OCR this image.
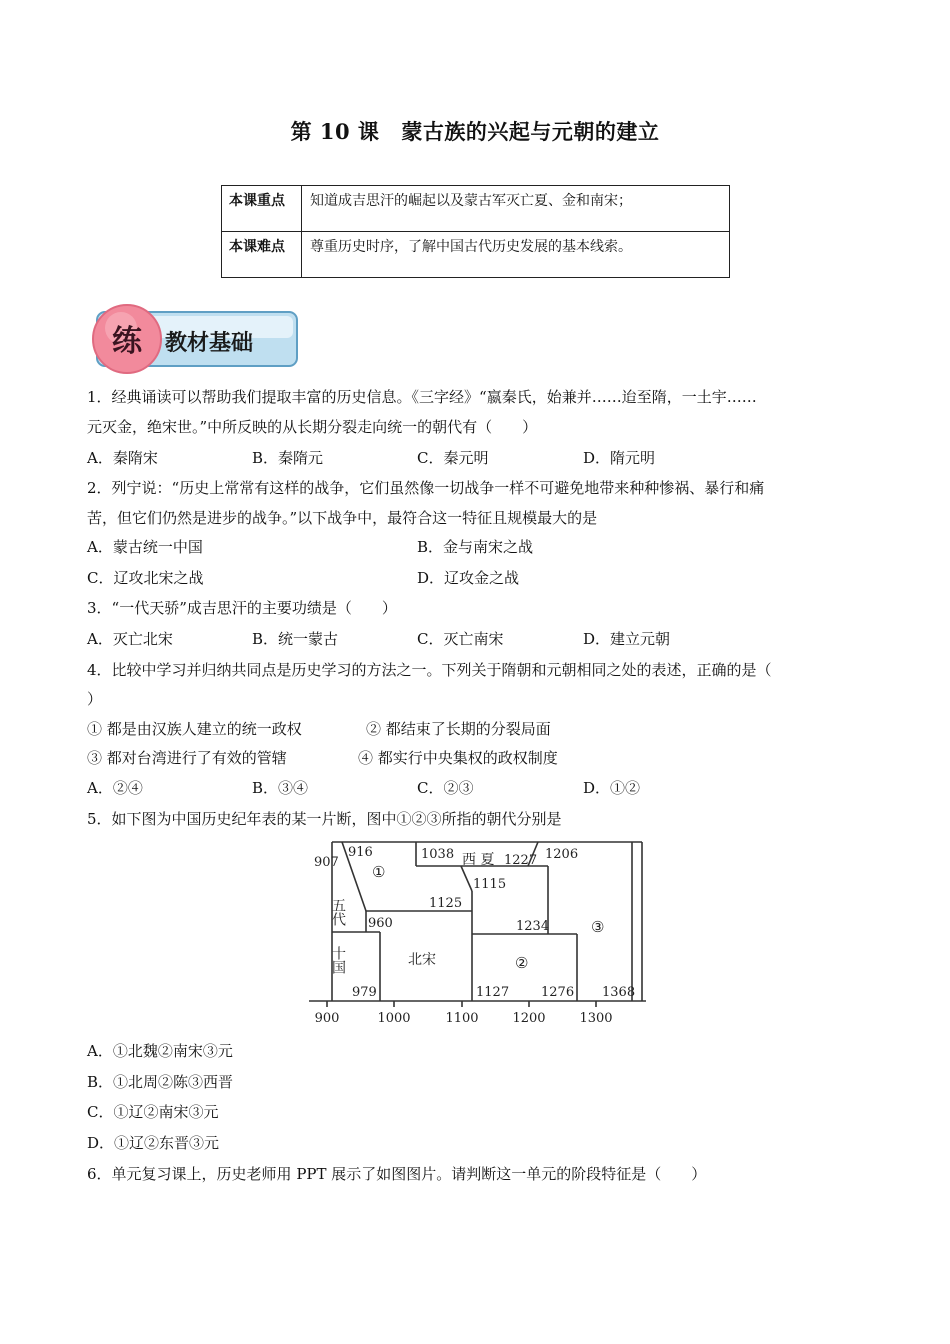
第 10 课 蒙古族的兴起与元朝的建立
本课重点	知道成吉思汗的崛起以及蒙古军灭亡夏、金和南宋；
本课难点	尊重历史时序，了解中国古代历史发展的基本线索。
练 教材基础
1．经典诵读可以帮助我们提取丰富的历史信息。《三字经》“嬴秦氏，始兼并……迨至隋，一土宇……
元灭金，绝宋世。”中所反映的从长期分裂走向统一的朝代有（　　）
A．秦隋宋	B．秦隋元	C．秦元明	D．隋元明
2．列宁说：“历史上常常有这样的战争，它们虽然像一切战争一样不可避免地带来种种惨祸、暴行和痛
苦，但它们仍然是进步的战争。”以下战争中，最符合这一特征且规模最大的是
A．蒙古统一中国	B．金与南宋之战
C．辽攻北宋之战	D．辽攻金之战
3．“一代天骄”成吉思汗的主要功绩是（　　）
A．灭亡北宋	B．统一蒙古	C．灭亡南宋	D．建立元朝
4．比较中学习并归纳共同点是历史学习的方法之一。下列关于隋朝和元朝相同之处的表述，正确的是（
）
① 都是由汉族人建立的统一政权	② 都结束了长期的分裂局面
③ 都对台湾进行了有效的管辖	④ 都实行中央集权的政权制度
A．②④	B．③④	C．②③	D．①②
5．如下图为中国历史纪年表的某一片断，图中①②③所指的朝代分别是
907
916
①
1038 西 夏 1227 1206
1115
五代	1125
960	1234	③
十国	北宋	②
979	1127 1276 1368
900	1000	1100	1200	1300
A．①北魏②南宋③元
B．①北周②陈③西晋
C．①辽②南宋③元
D．①辽②东晋③元
6．单元复习课上，历史老师用 PPT 展示了如图图片。请判断这一单元的阶段特征是（　　）
